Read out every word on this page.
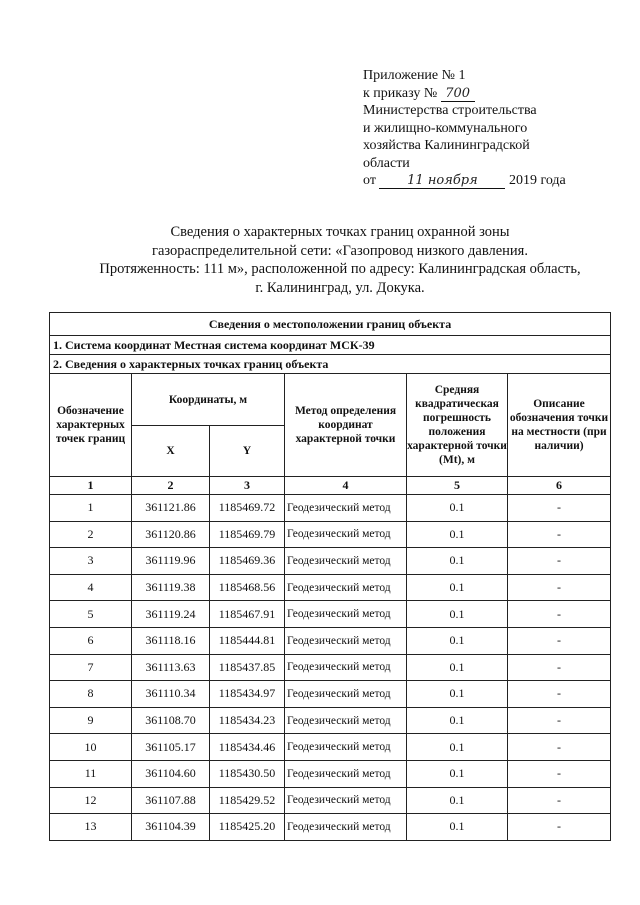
Приложение № 1
к приказу № 700
Министерства строительства
и жилищно-коммунального
хозяйства Калининградской
области
от 11 ноября 2019 года
Сведения о характерных точках границ охранной зоны
газораспределительной сети: «Газопровод низкого давления.
Протяженность: 111 м», расположенной по адресу: Калининградская область,
г. Калининград, ул. Докука.
Сведения о местоположении границ объекта					
1. Система координат Местная система координат МСК-39					
2. Сведения о характерных точках границ объекта					
Обозначение характерных точек границ	Координаты, м		Метод определения координат характерной точки	Средняя квадратическая погрешность положения характерной точки (Mt), м	Описание обозначения точки на местности (при наличии)
	X	Y			
1	2	3	4	5	6
1	361121.86	1185469.72	Геодезический метод	0.1	-
2	361120.86	1185469.79	Геодезический метод	0.1	-
3	361119.96	1185469.36	Геодезический метод	0.1	-
4	361119.38	1185468.56	Геодезический метод	0.1	-
5	361119.24	1185467.91	Геодезический метод	0.1	-
6	361118.16	1185444.81	Геодезический метод	0.1	-
7	361113.63	1185437.85	Геодезический метод	0.1	-
8	361110.34	1185434.97	Геодезический метод	0.1	-
9	361108.70	1185434.23	Геодезический метод	0.1	-
10	361105.17	1185434.46	Геодезический метод	0.1	-
11	361104.60	1185430.50	Геодезический метод	0.1	-
12	361107.88	1185429.52	Геодезический метод	0.1	-
13	361104.39	1185425.20	Геодезический метод	0.1	-
